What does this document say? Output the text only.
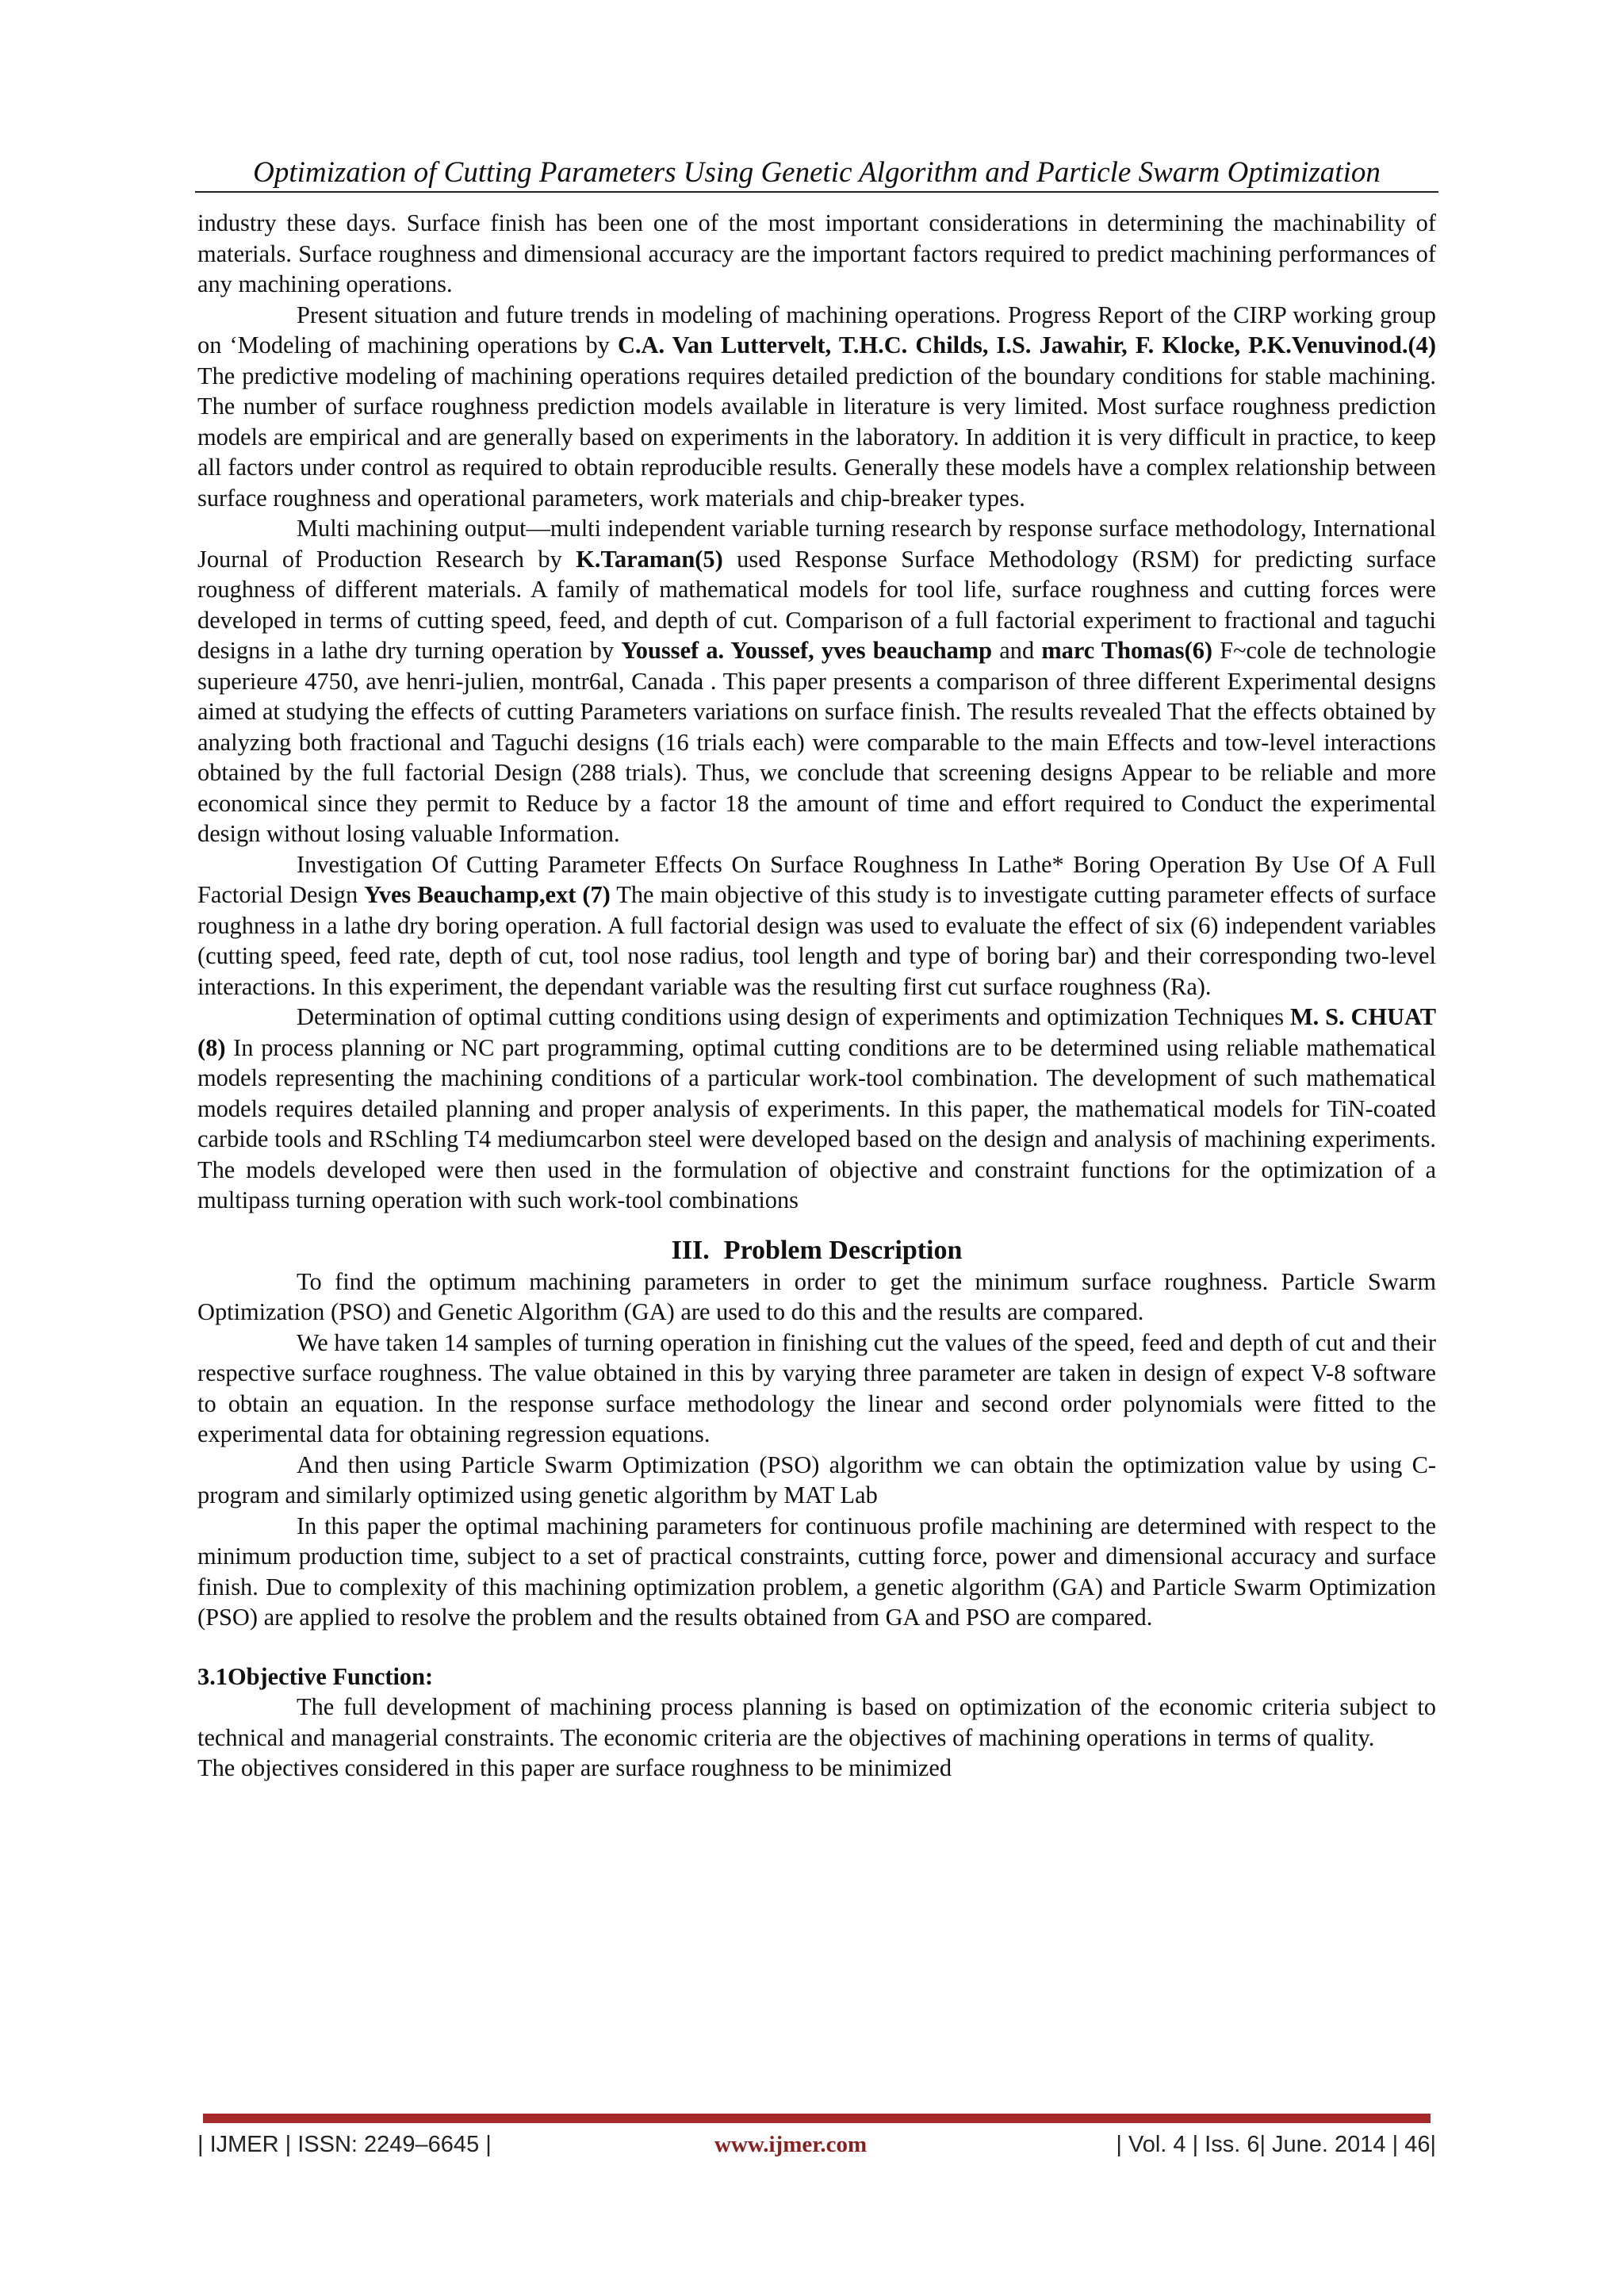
Optimization of Cutting Parameters Using Genetic Algorithm and Particle Swarm Optimization

industry these days. Surface finish has been one of the most important considerations in determining the machinability of materials. Surface roughness and dimensional accuracy are the important factors required to predict machining performances of any machining operations.

Present situation and future trends in modeling of machining operations. Progress Report of the CIRP working group on ‘Modeling of machining operations by C.A. Van Luttervelt, T.H.C. Childs, I.S. Jawahir, F. Klocke, P.K.Venuvinod.(4) The predictive modeling of machining operations requires detailed prediction of the boundary conditions for stable machining. The number of surface roughness prediction models available in literature is very limited. Most surface roughness prediction models are empirical and are generally based on experiments in the laboratory. In addition it is very difficult in practice, to keep all factors under control as required to obtain reproducible results. Generally these models have a complex relationship between surface roughness and operational parameters, work materials and chip-breaker types.

Multi machining output—multi independent variable turning research by response surface methodology, International Journal of Production Research by K.Taraman(5) used Response Surface Methodology (RSM) for predicting surface roughness of different materials. A family of mathematical models for tool life, surface roughness and cutting forces were developed in terms of cutting speed, feed, and depth of cut. Comparison of a full factorial experiment to fractional and taguchi designs in a lathe dry turning operation by Youssef a. Youssef, yves beauchamp and marc Thomas(6) F~cole de technologie superieure 4750, ave henri-julien, montr6al, Canada . This paper presents a comparison of three different Experimental designs aimed at studying the effects of cutting Parameters variations on surface finish. The results revealed That the effects obtained by analyzing both fractional and Taguchi designs (16 trials each) were comparable to the main Effects and tow-level interactions obtained by the full factorial Design (288 trials). Thus, we conclude that screening designs Appear to be reliable and more economical since they permit to Reduce by a factor 18 the amount of time and effort required to Conduct the experimental design without losing valuable Information.

Investigation Of Cutting Parameter Effects On Surface Roughness In Lathe* Boring Operation By Use Of A Full Factorial Design Yves Beauchamp,ext (7) The main objective of this study is to investigate cutting parameter effects of surface roughness in a lathe dry boring operation. A full factorial design was used to evaluate the effect of six (6) independent variables (cutting speed, feed rate, depth of cut, tool nose radius, tool length and type of boring bar) and their corresponding two-level interactions. In this experiment, the dependant variable was the resulting first cut surface roughness (Ra).

Determination of optimal cutting conditions using design of experiments and optimization Techniques M. S. CHUAT (8) In process planning or NC part programming, optimal cutting conditions are to be determined using reliable mathematical models representing the machining conditions of a particular work-tool combination. The development of such mathematical models requires detailed planning and proper analysis of experiments. In this paper, the mathematical models for TiN-coated carbide tools and RSchling T4 mediumcarbon steel were developed based on the design and analysis of machining experiments. The models developed were then used in the formulation of objective and constraint functions for the optimization of a multipass turning operation with such work-tool combinations

III. Problem Description

To find the optimum machining parameters in order to get the minimum surface roughness. Particle Swarm Optimization (PSO) and Genetic Algorithm (GA) are used to do this and the results are compared.

We have taken 14 samples of turning operation in finishing cut the values of the speed, feed and depth of cut and their respective surface roughness. The value obtained in this by varying three parameter are taken in design of expect V-8 software to obtain an equation. In the response surface methodology the linear and second order polynomials were fitted to the experimental data for obtaining regression equations.

And then using Particle Swarm Optimization (PSO) algorithm we can obtain the optimization value by using C-program and similarly optimized using genetic algorithm by MAT Lab

In this paper the optimal machining parameters for continuous profile machining are determined with respect to the minimum production time, subject to a set of practical constraints, cutting force, power and dimensional accuracy and surface finish. Due to complexity of this machining optimization problem, a genetic algorithm (GA) and Particle Swarm Optimization (PSO) are applied to resolve the problem and the results obtained from GA and PSO are compared.

3.1Objective Function:

The full development of machining process planning is based on optimization of the economic criteria subject to technical and managerial constraints. The economic criteria are the objectives of machining operations in terms of quality.

The objectives considered in this paper are surface roughness to be minimized

| IJMER | ISSN: 2249–6645 |	www.ijmer.com	| Vol. 4 | Iss. 6| June. 2014 | 46|
